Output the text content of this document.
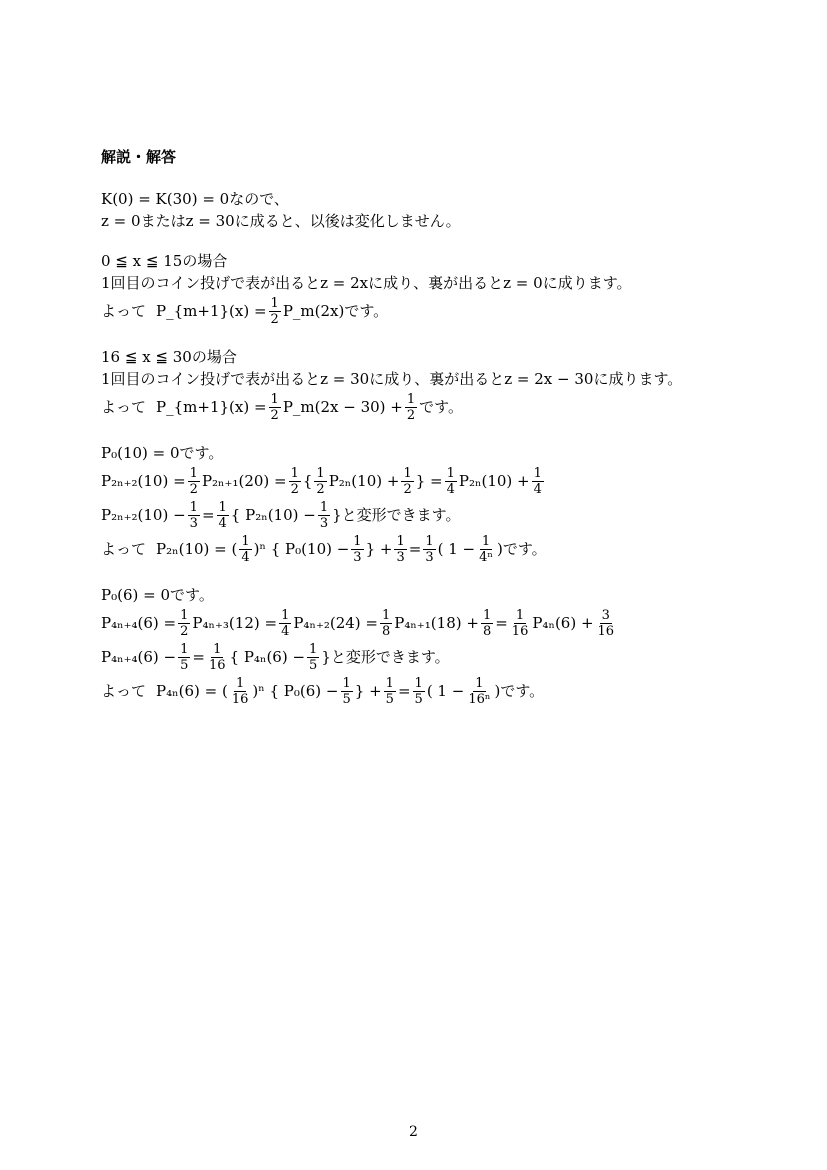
解説・解答
K(0) = K(30) = 0 なので、
z = 0 または z = 30 に成ると、以後は変化しません。
0 ≦ x ≦ 15 の場合
1 回目のコイン投げで表が出ると z = 2x に成り、裏が出ると z = 0 に成ります。
よって P_{m+1}(x) = $\frac{1}{2}$ P_m(2x) です。
16 ≦ x ≦ 30 の場合
1 回目のコイン投げで表が出ると z = 30 に成り、裏が出ると z = 2x − 30 に成ります。
よって P_{m+1}(x) = $\frac{1}{2}$ P_m(2x − $30) + \frac{1}{2}$ です。
P₀(10) = 0 です。
$P_{2n+2}(10) = \frac{1}{2} P_{2n+1}(20) = \frac{1}{2}$ { $\frac{1}{2} P_{2n}(10) + \frac{1}{2}$ } = $\frac{1}{4} P_{2n}(10) + \frac{1}{4}$
$P_{2n+2}(10) - \frac{1}{3} = \frac{1}{4}$ { $P_{2n}(10) - \frac{1}{3}$ } と変形できます。
よって P₂ₙ(10) = ( $\frac{1}{4} )^n$ { $P_0(10) - \frac{1}{3}$ } + $\frac{1}{3} = \frac{1}{3}$ ( $1 - \frac{1}{\text{4ⁿ}}$ ) です。
P₀(6) = 0 です。
$P_{4n+4}(6) = \frac{1}{2} P_{4n+3}(12) = \frac{1}{4} P_{4n+2}(24) = \frac{1}{8} P_{4n+1}(18) + \frac{1}{8} = \frac{1}{16} P_{4n}(6) + \frac{3}{16}$
$P_{4n+4}(6) - \frac{1}{5} = \frac{1}{16}$ { $P_{4n}(6) - \frac{1}{5}$ } と変形できます。
よって P₄ₙ(6) = ( $\frac{1}{16} )^n$ { $P_0(6) - \frac{1}{5}$ } + $\frac{1}{5} = \frac{1}{5}$ ( $1 - \frac{1}{\text{16ⁿ}}$ ) です。
2
